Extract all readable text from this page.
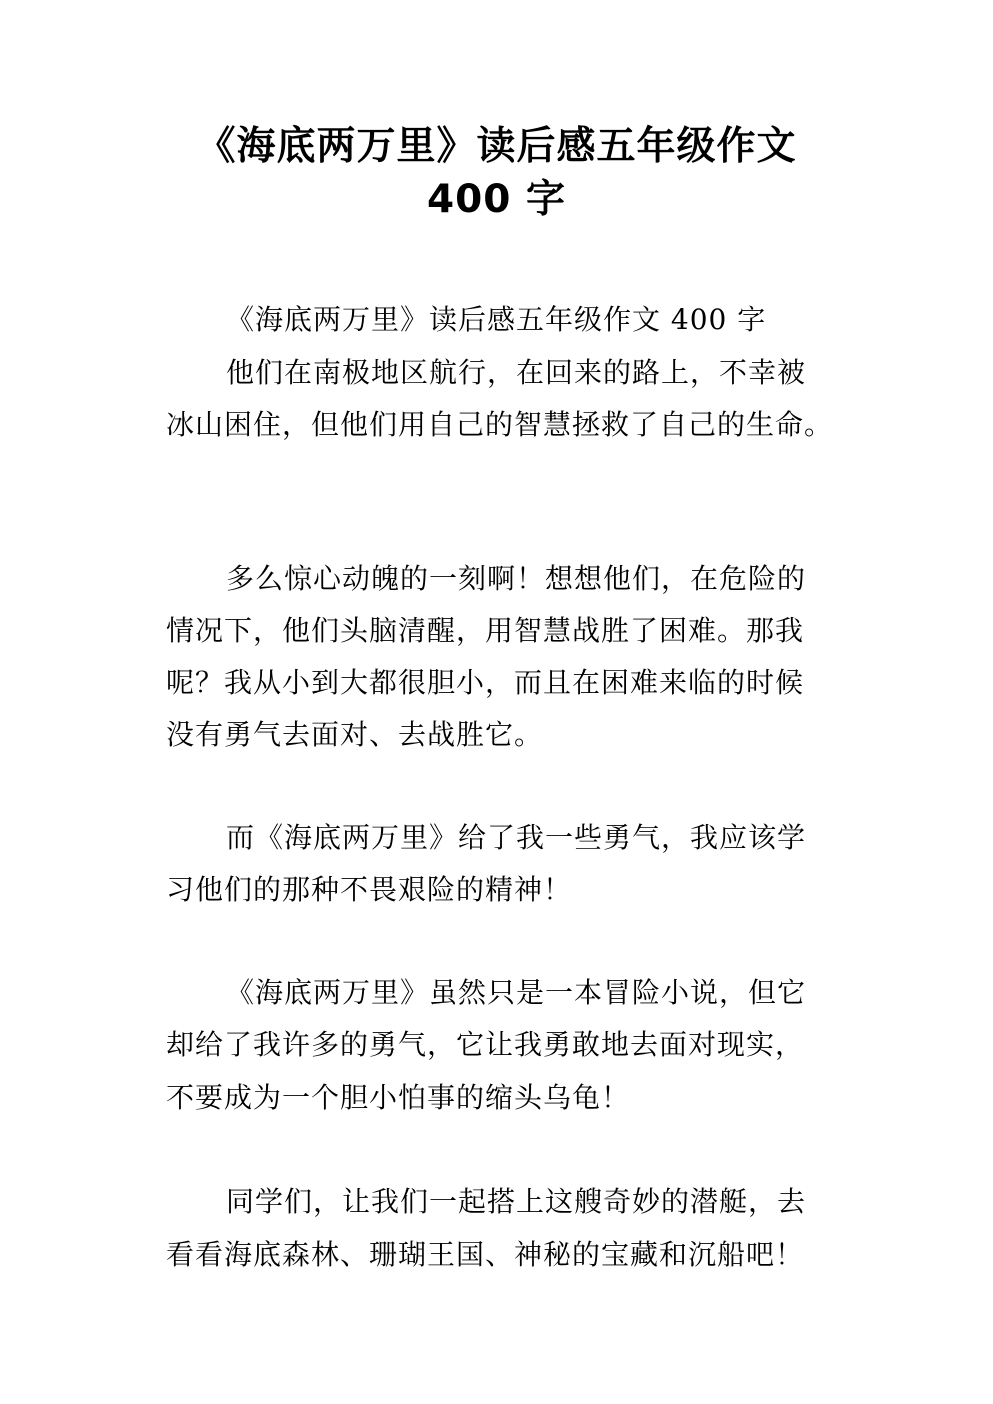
《海底两万里》读后感五年级作文
400 字
《海底两万里》读后感五年级作文 400 字
他们在南极地区航行，在回来的路上，不幸被
冰山困住，但他们用自己的智慧拯救了自己的生命。
多么惊心动魄的一刻啊！想想他们，在危险的
情况下，他们头脑清醒，用智慧战胜了困难。那我
呢？我从小到大都很胆小，而且在困难来临的时候
没有勇气去面对、去战胜它。
而《海底两万里》给了我一些勇气，我应该学
习他们的那种不畏艰险的精神！
《海底两万里》虽然只是一本冒险小说，但它
却给了我许多的勇气，它让我勇敢地去面对现实，
不要成为一个胆小怕事的缩头乌龟！
同学们，让我们一起搭上这艘奇妙的潜艇，去
看看海底森林、珊瑚王国、神秘的宝藏和沉船吧！
